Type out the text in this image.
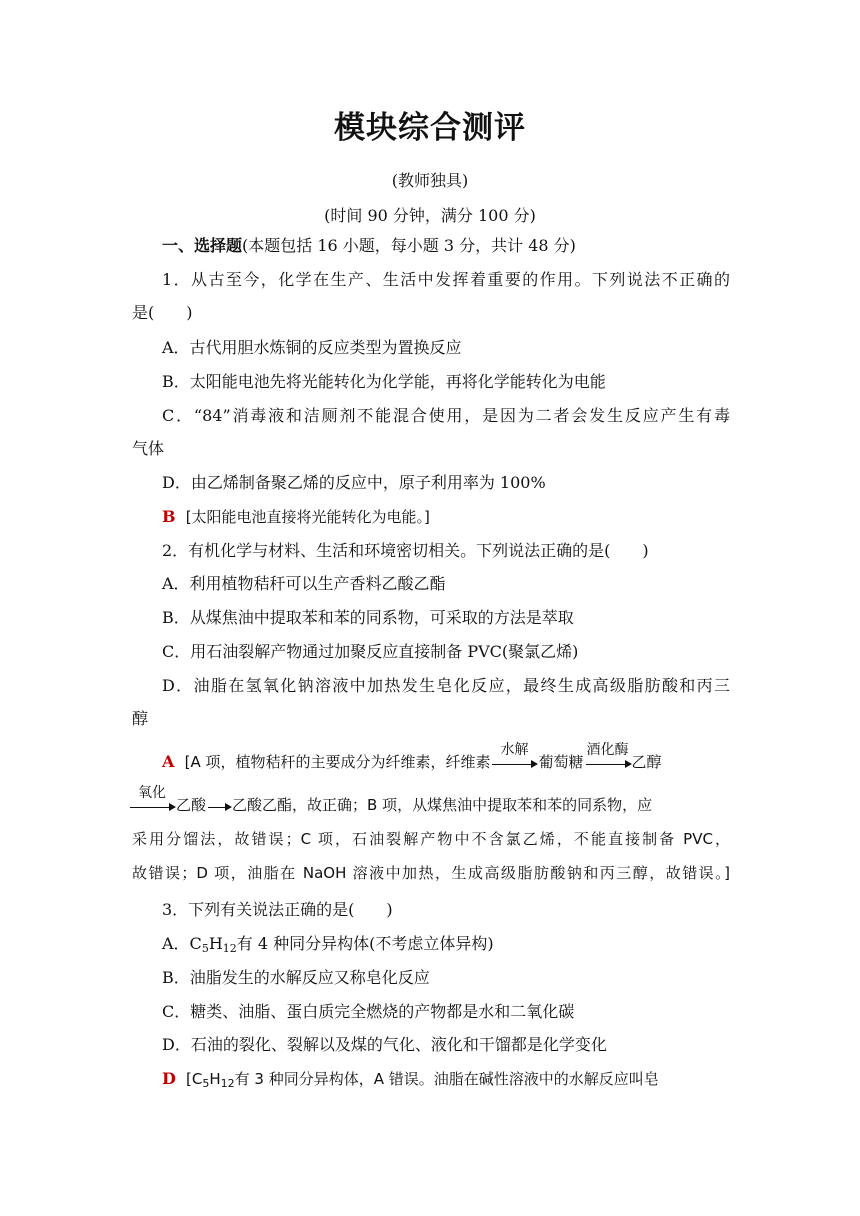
模块综合测评
(教师独具)
(时间 90 分钟，满分 100 分)
一、选择题(本题包括 16 小题，每小题 3 分，共计 48 分)
1．从古至今，化学在生产、生活中发挥着重要的作用。下列说法不正确的
是(　　)
A．古代用胆水炼铜的反应类型为置换反应
B．太阳能电池先将光能转化为化学能，再将化学能转化为电能
C．“84”消毒液和洁厕剂不能混合使用，是因为二者会发生反应产生有毒
气体
D．由乙烯制备聚乙烯的反应中，原子利用率为 100%
B [太阳能电池直接将光能转化为电能。]
2．有机化学与材料、生活和环境密切相关。下列说法正确的是(　　)
A．利用植物秸秆可以生产香料乙酸乙酯
B．从煤焦油中提取苯和苯的同系物，可采取的方法是萃取
C．用石油裂解产物通过加聚反应直接制备 PVC(聚氯乙烯)
D．油脂在氢氧化钠溶液中加热发生皂化反应，最终生成高级脂肪酸和丙三
醇
A [A 项，植物秸秆的主要成分为纤维素，纤维素
水解
葡萄糖
酒化酶
乙醇
氧化
乙酸 乙酸乙酯，故正确；B 项，从煤焦油中提取苯和苯的同系物，应
采用分馏法，故错误；C 项，石油裂解产物中不含氯乙烯，不能直接制备 PVC，
故错误；D 项，油脂在 NaOH 溶液中加热，生成高级脂肪酸钠和丙三醇，故错误。]
3．下列有关说法正确的是(　　)
A．$C_5H_{12}$有 4 种同分异构体(不考虑立体异构)
B．油脂发生的水解反应又称皂化反应
C．糖类、油脂、蛋白质完全燃烧的产物都是水和二氧化碳
D．石油的裂化、裂解以及煤的气化、液化和干馏都是化学变化
D [$C_5H_{12}$有 3 种同分异构体，A 错误。油脂在碱性溶液中的水解反应叫皂
